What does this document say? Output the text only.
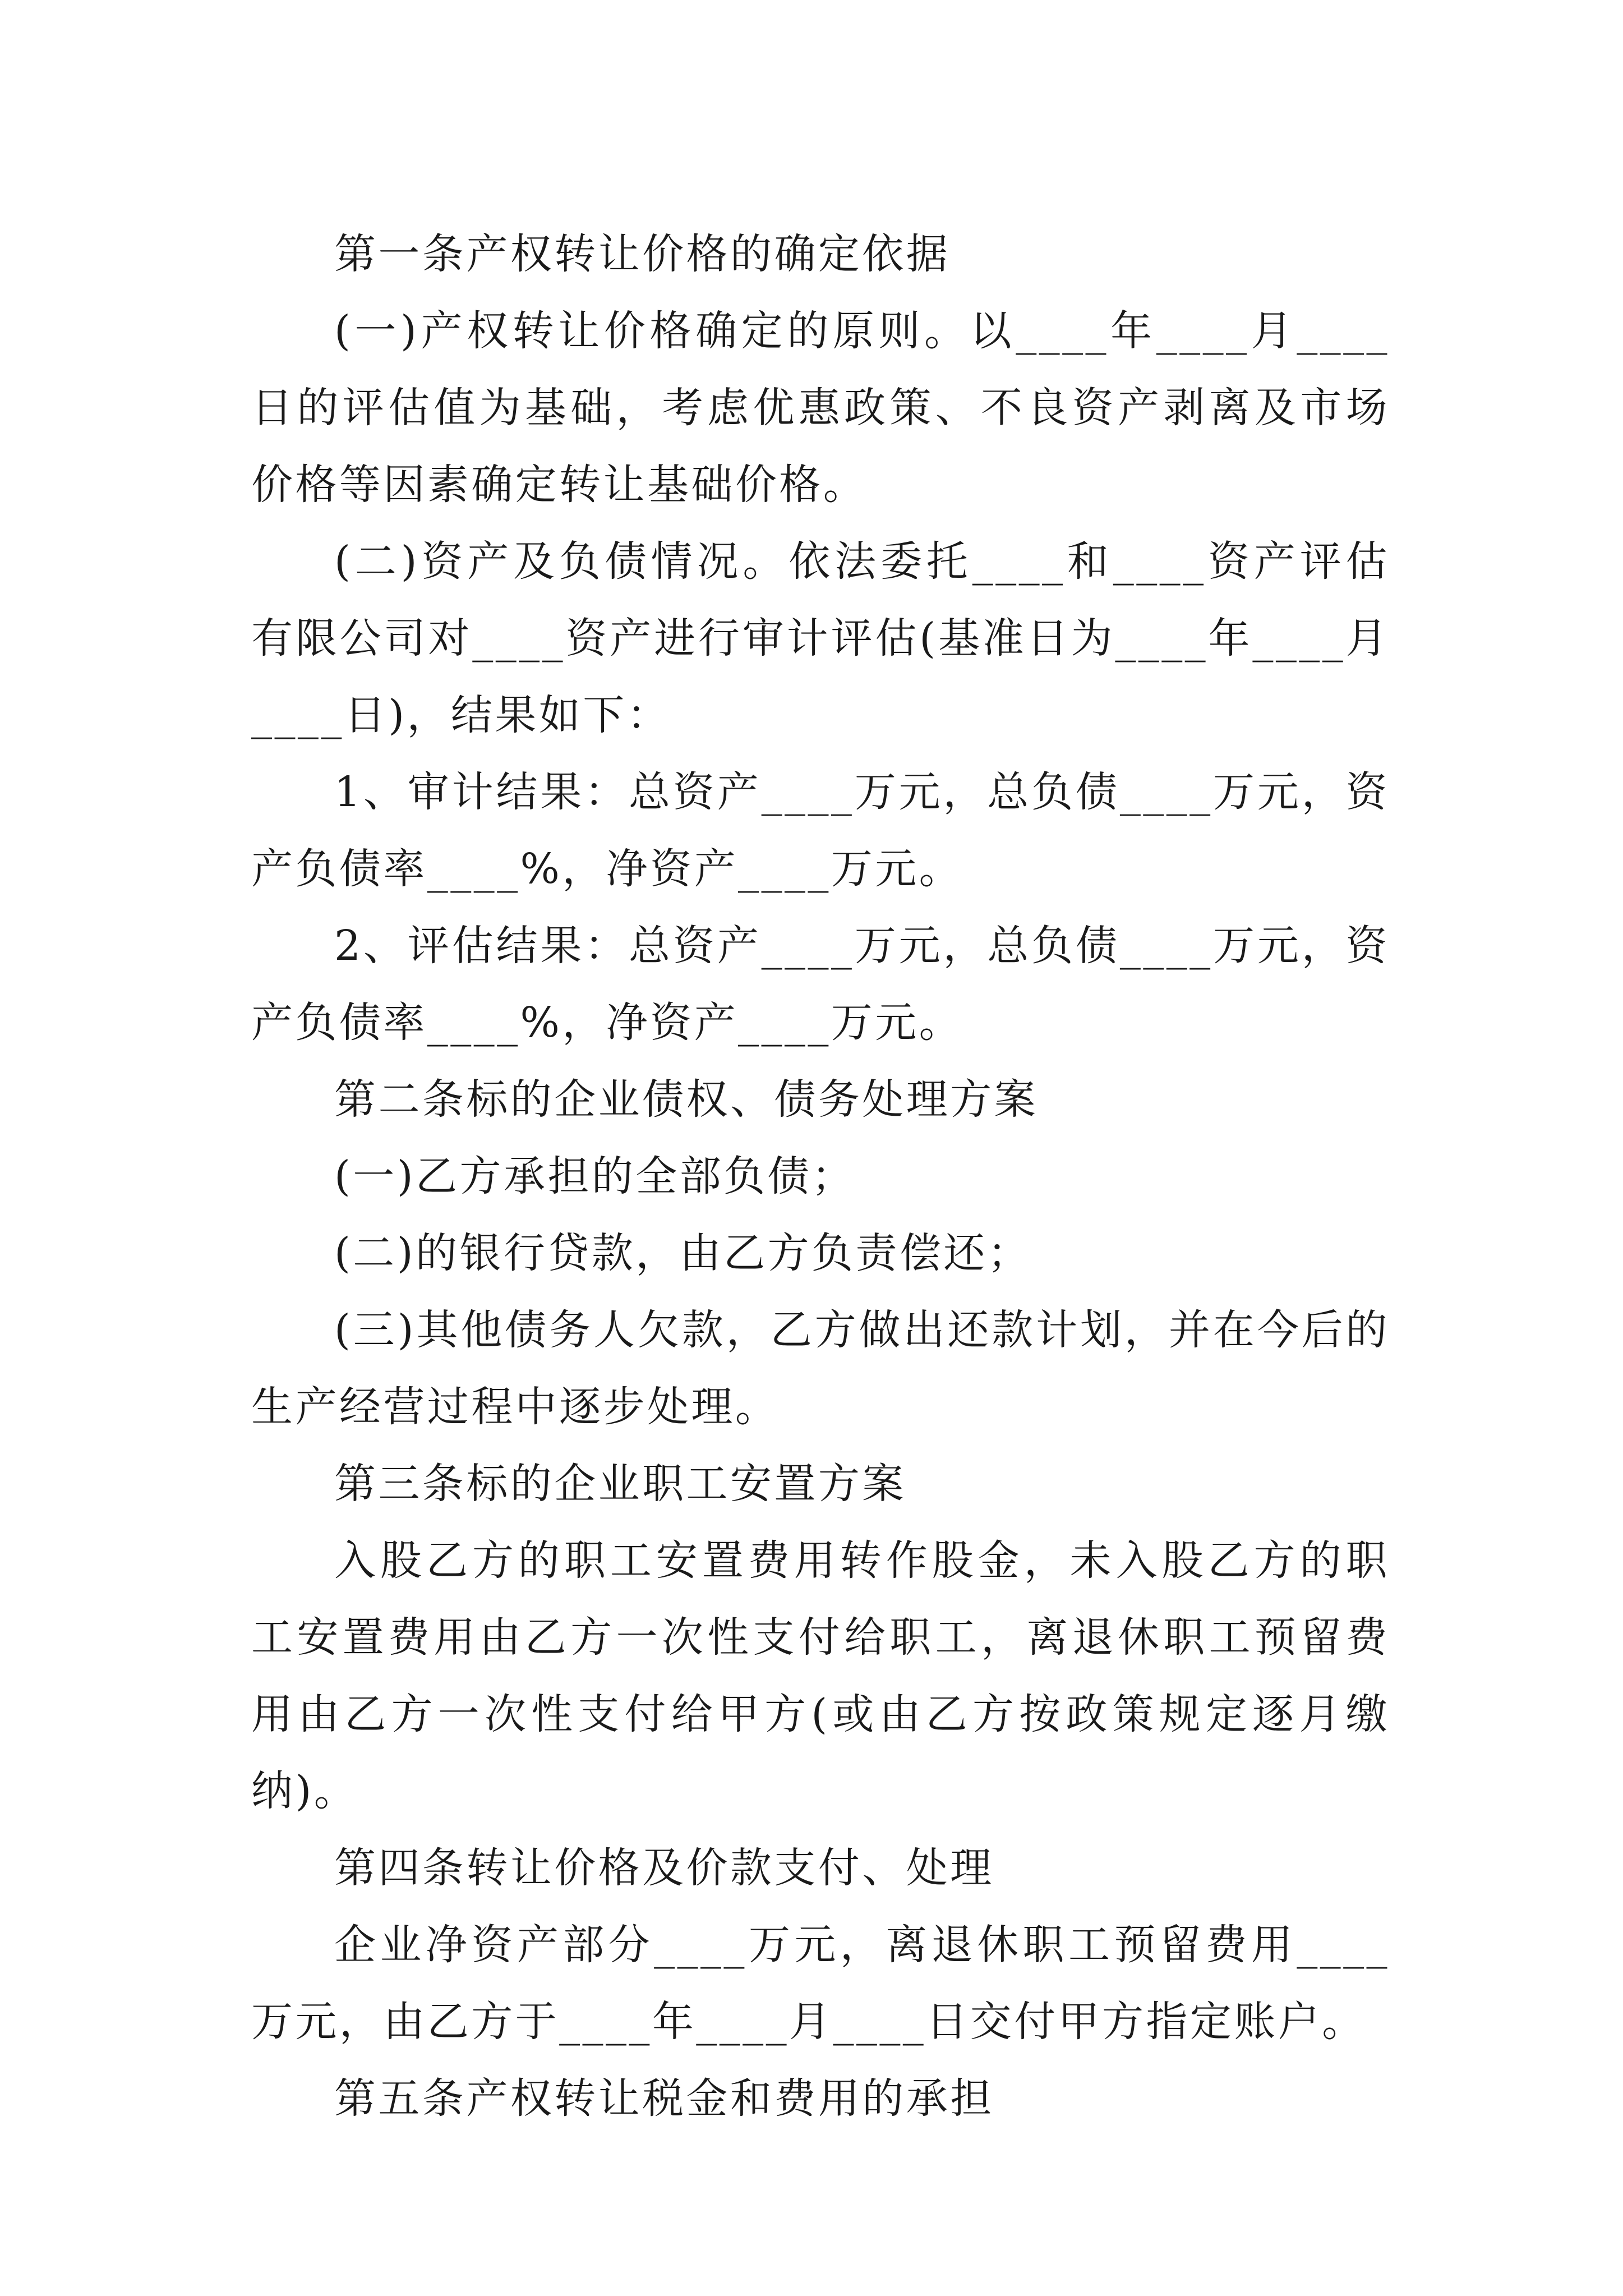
第一条产权转让价格的确定依据

(一)产权转让价格确定的原则。以____年____月____日的评估值为基础，考虑优惠政策、不良资产剥离及市场价格等因素确定转让基础价格。

(二)资产及负债情况。依法委托____和____资产评估有限公司对____资产进行审计评估(基准日为____年____月____日)，结果如下：

1、审计结果：总资产____万元，总负债____万元，资产负债率____%，净资产____万元。

2、评估结果：总资产____万元，总负债____万元，资产负债率____%，净资产____万元。

第二条标的企业债权、债务处理方案

(一)乙方承担的全部负债；

(二)的银行贷款，由乙方负责偿还；

(三)其他债务人欠款，乙方做出还款计划，并在今后的生产经营过程中逐步处理。

第三条标的企业职工安置方案

入股乙方的职工安置费用转作股金，未入股乙方的职工安置费用由乙方一次性支付给职工，离退休职工预留费用由乙方一次性支付给甲方(或由乙方按政策规定逐月缴纳)。

第四条转让价格及价款支付、处理

企业净资产部分____万元，离退休职工预留费用____万元，由乙方于____年____月____日交付甲方指定账户。

第五条产权转让税金和费用的承担
